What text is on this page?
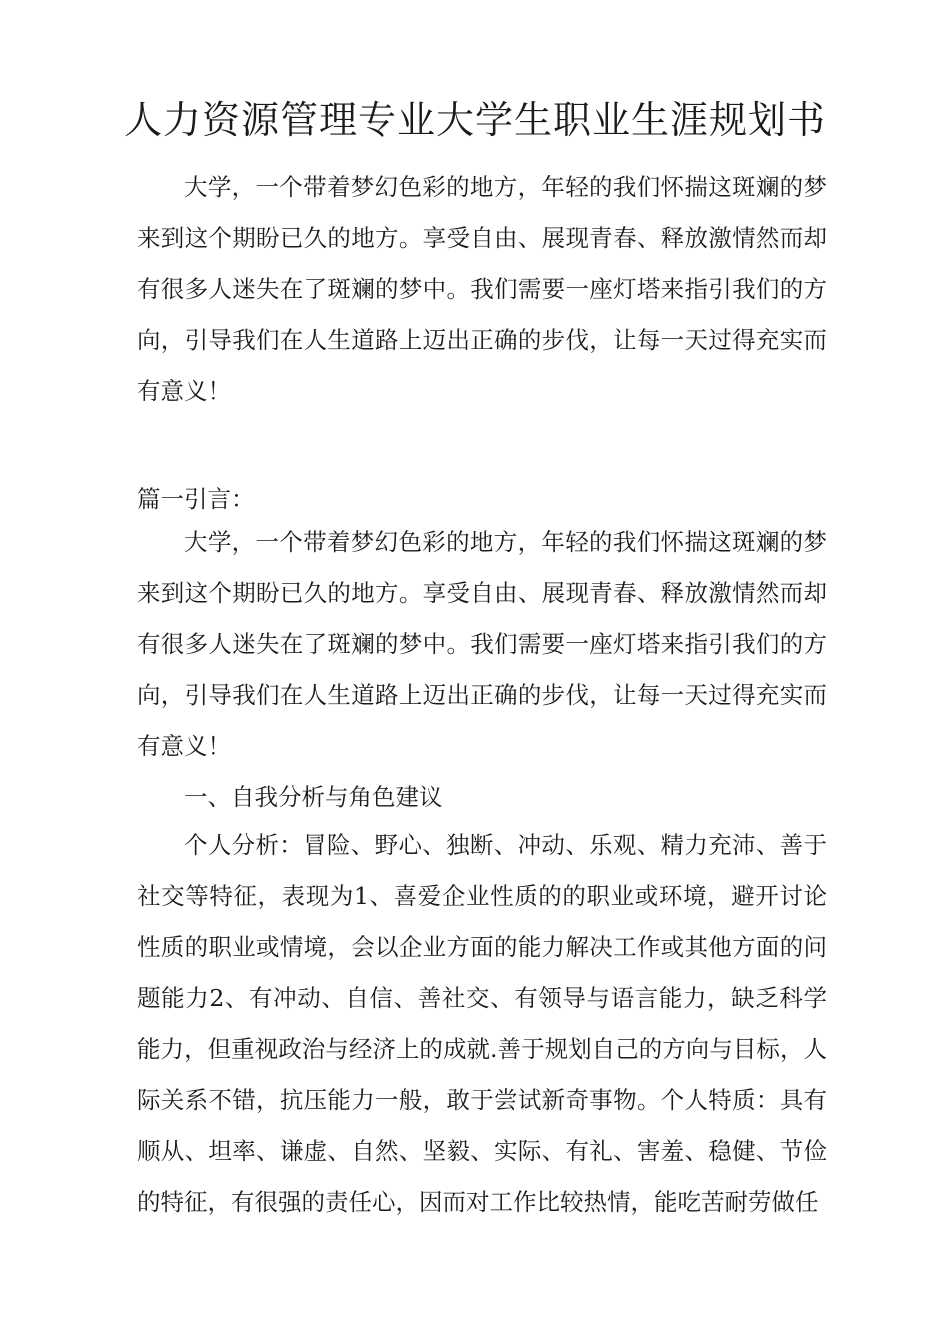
人力资源管理专业大学生职业生涯规划书

大学，一个带着梦幻色彩的地方，年轻的我们怀揣这斑斓的梦来到这个期盼已久的地方。享受自由、展现青春、释放激情然而却有很多人迷失在了斑斓的梦中。我们需要一座灯塔来指引我们的方向，引导我们在人生道路上迈出正确的步伐，让每一天过得充实而有意义！

篇一引言：

大学，一个带着梦幻色彩的地方，年轻的我们怀揣这斑斓的梦来到这个期盼已久的地方。享受自由、展现青春、释放激情然而却有很多人迷失在了斑斓的梦中。我们需要一座灯塔来指引我们的方向，引导我们在人生道路上迈出正确的步伐，让每一天过得充实而有意义！

一、自我分析与角色建议

个人分析：冒险、野心、独断、冲动、乐观、精力充沛、善于社交等特征，表现为1、喜爱企业性质的的职业或环境，避开讨论性质的职业或情境，会以企业方面的能力解决工作或其他方面的问题能力2、有冲动、自信、善社交、有领导与语言能力，缺乏科学能力，但重视政治与经济上的成就.善于规划自己的方向与目标，人际关系不错，抗压能力一般，敢于尝试新奇事物。个人特质：具有顺从、坦率、谦虚、自然、坚毅、实际、有礼、害羞、稳健、节俭的特征，有很强的责任心，因而对工作比较热情，能吃苦耐劳做任
